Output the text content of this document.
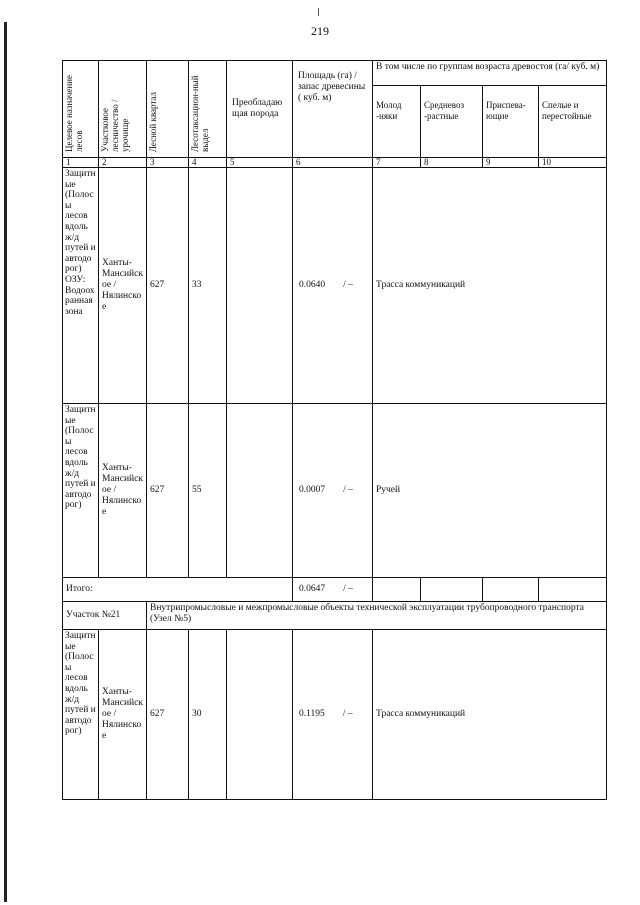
219
Целевое назначение лесов	Участковое лесничество / урочище	Лесной квартал	Лесотаксацион-ный выдел	Преобладающая порода	Площадь (га) / запас древесины ( куб. м)	В том числе по группам возраста древостоя (га/ куб. м)			
						Молод -няки	Средневоз -растные	Приспева-ющие	Спелые и перестойные
1	2	3	4	5	6	7	8	9	10
Защитные (Полосы лесов вдоль ж/д путей и автодорог) ОЗУ: Водоохранная зона	Ханты-Мансийское / Нялинское	627	33		0.0640 / –	Трасса коммуникаций			
Защитные (Полосы лесов вдоль ж/д путей и автодорог)	Ханты-Мансийское / Нялинское	627	55		0.0007 / –	Ручей			
Итого:					0.0647 / –				
Участок №21		Внутрипромысловые и межпромысловые объекты технической эксплуатации трубопроводного транспорта (Узел №5)							
Защитные (Полосы лесов вдоль ж/д путей и автодорог)	Ханты-Мансийское / Нялинское	627	30		0.1195 / –	Трасса коммуникаций			
